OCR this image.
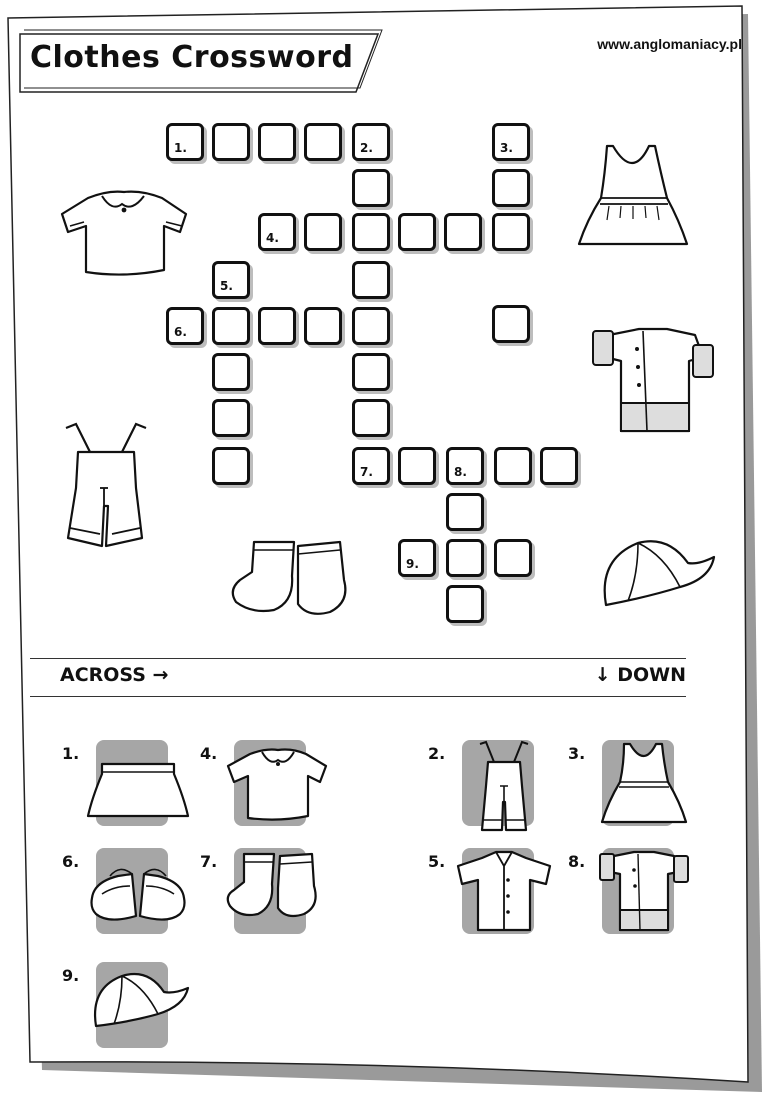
Clothes Crossword	www.anglomaniacy.pl
1.	2.	3.
4.
5.
6.
7.	8.
9.
ACROSS →	↓ DOWN
1.	4.	2.	3.
6.	7.	5.	8.
9.
